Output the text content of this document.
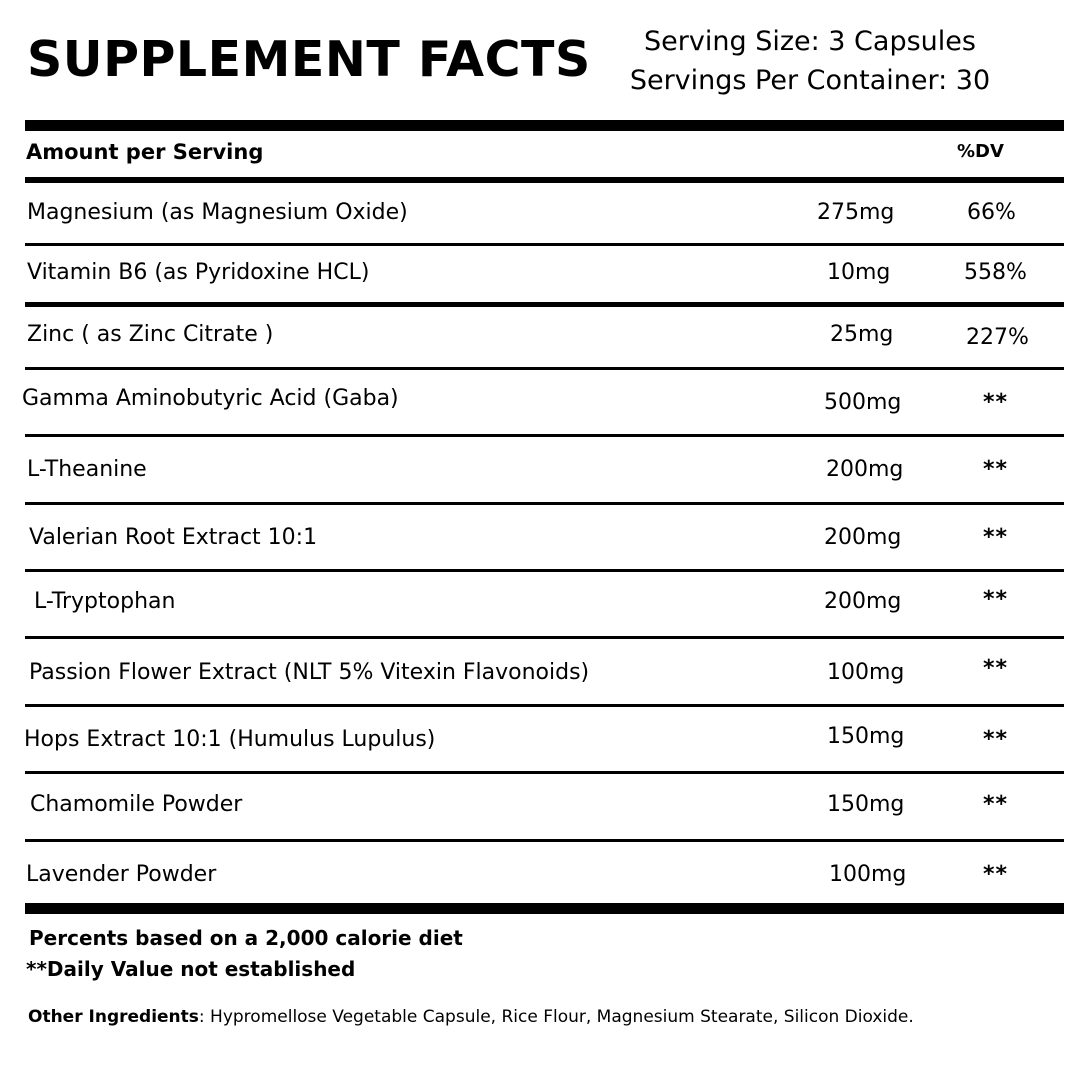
SUPPLEMENT FACTS	Serving Size: 3 Capsules
Servings Per Container: 30
Amount per Serving	%DV
Magnesium (as Magnesium Oxide)	275mg	66%
Vitamin B6 (as Pyridoxine HCL)	10mg	558%
Zinc ( as Zinc Citrate )	25mg	227%
Gamma Aminobutyric Acid (Gaba)	500mg	**
L-Theanine	200mg	**
Valerian Root Extract 10:1	200mg	**
L-Tryptophan	200mg	**
Passion Flower Extract (NLT 5% Vitexin Flavonoids)	100mg	**
Hops Extract 10:1 (Humulus Lupulus)	150mg	**
Chamomile Powder	150mg	**
Lavender Powder	100mg	**
Percents based on a 2,000 calorie diet
**Daily Value not established
Other Ingredients: Hypromellose Vegetable Capsule, Rice Flour, Magnesium Stearate, Silicon Dioxide.
